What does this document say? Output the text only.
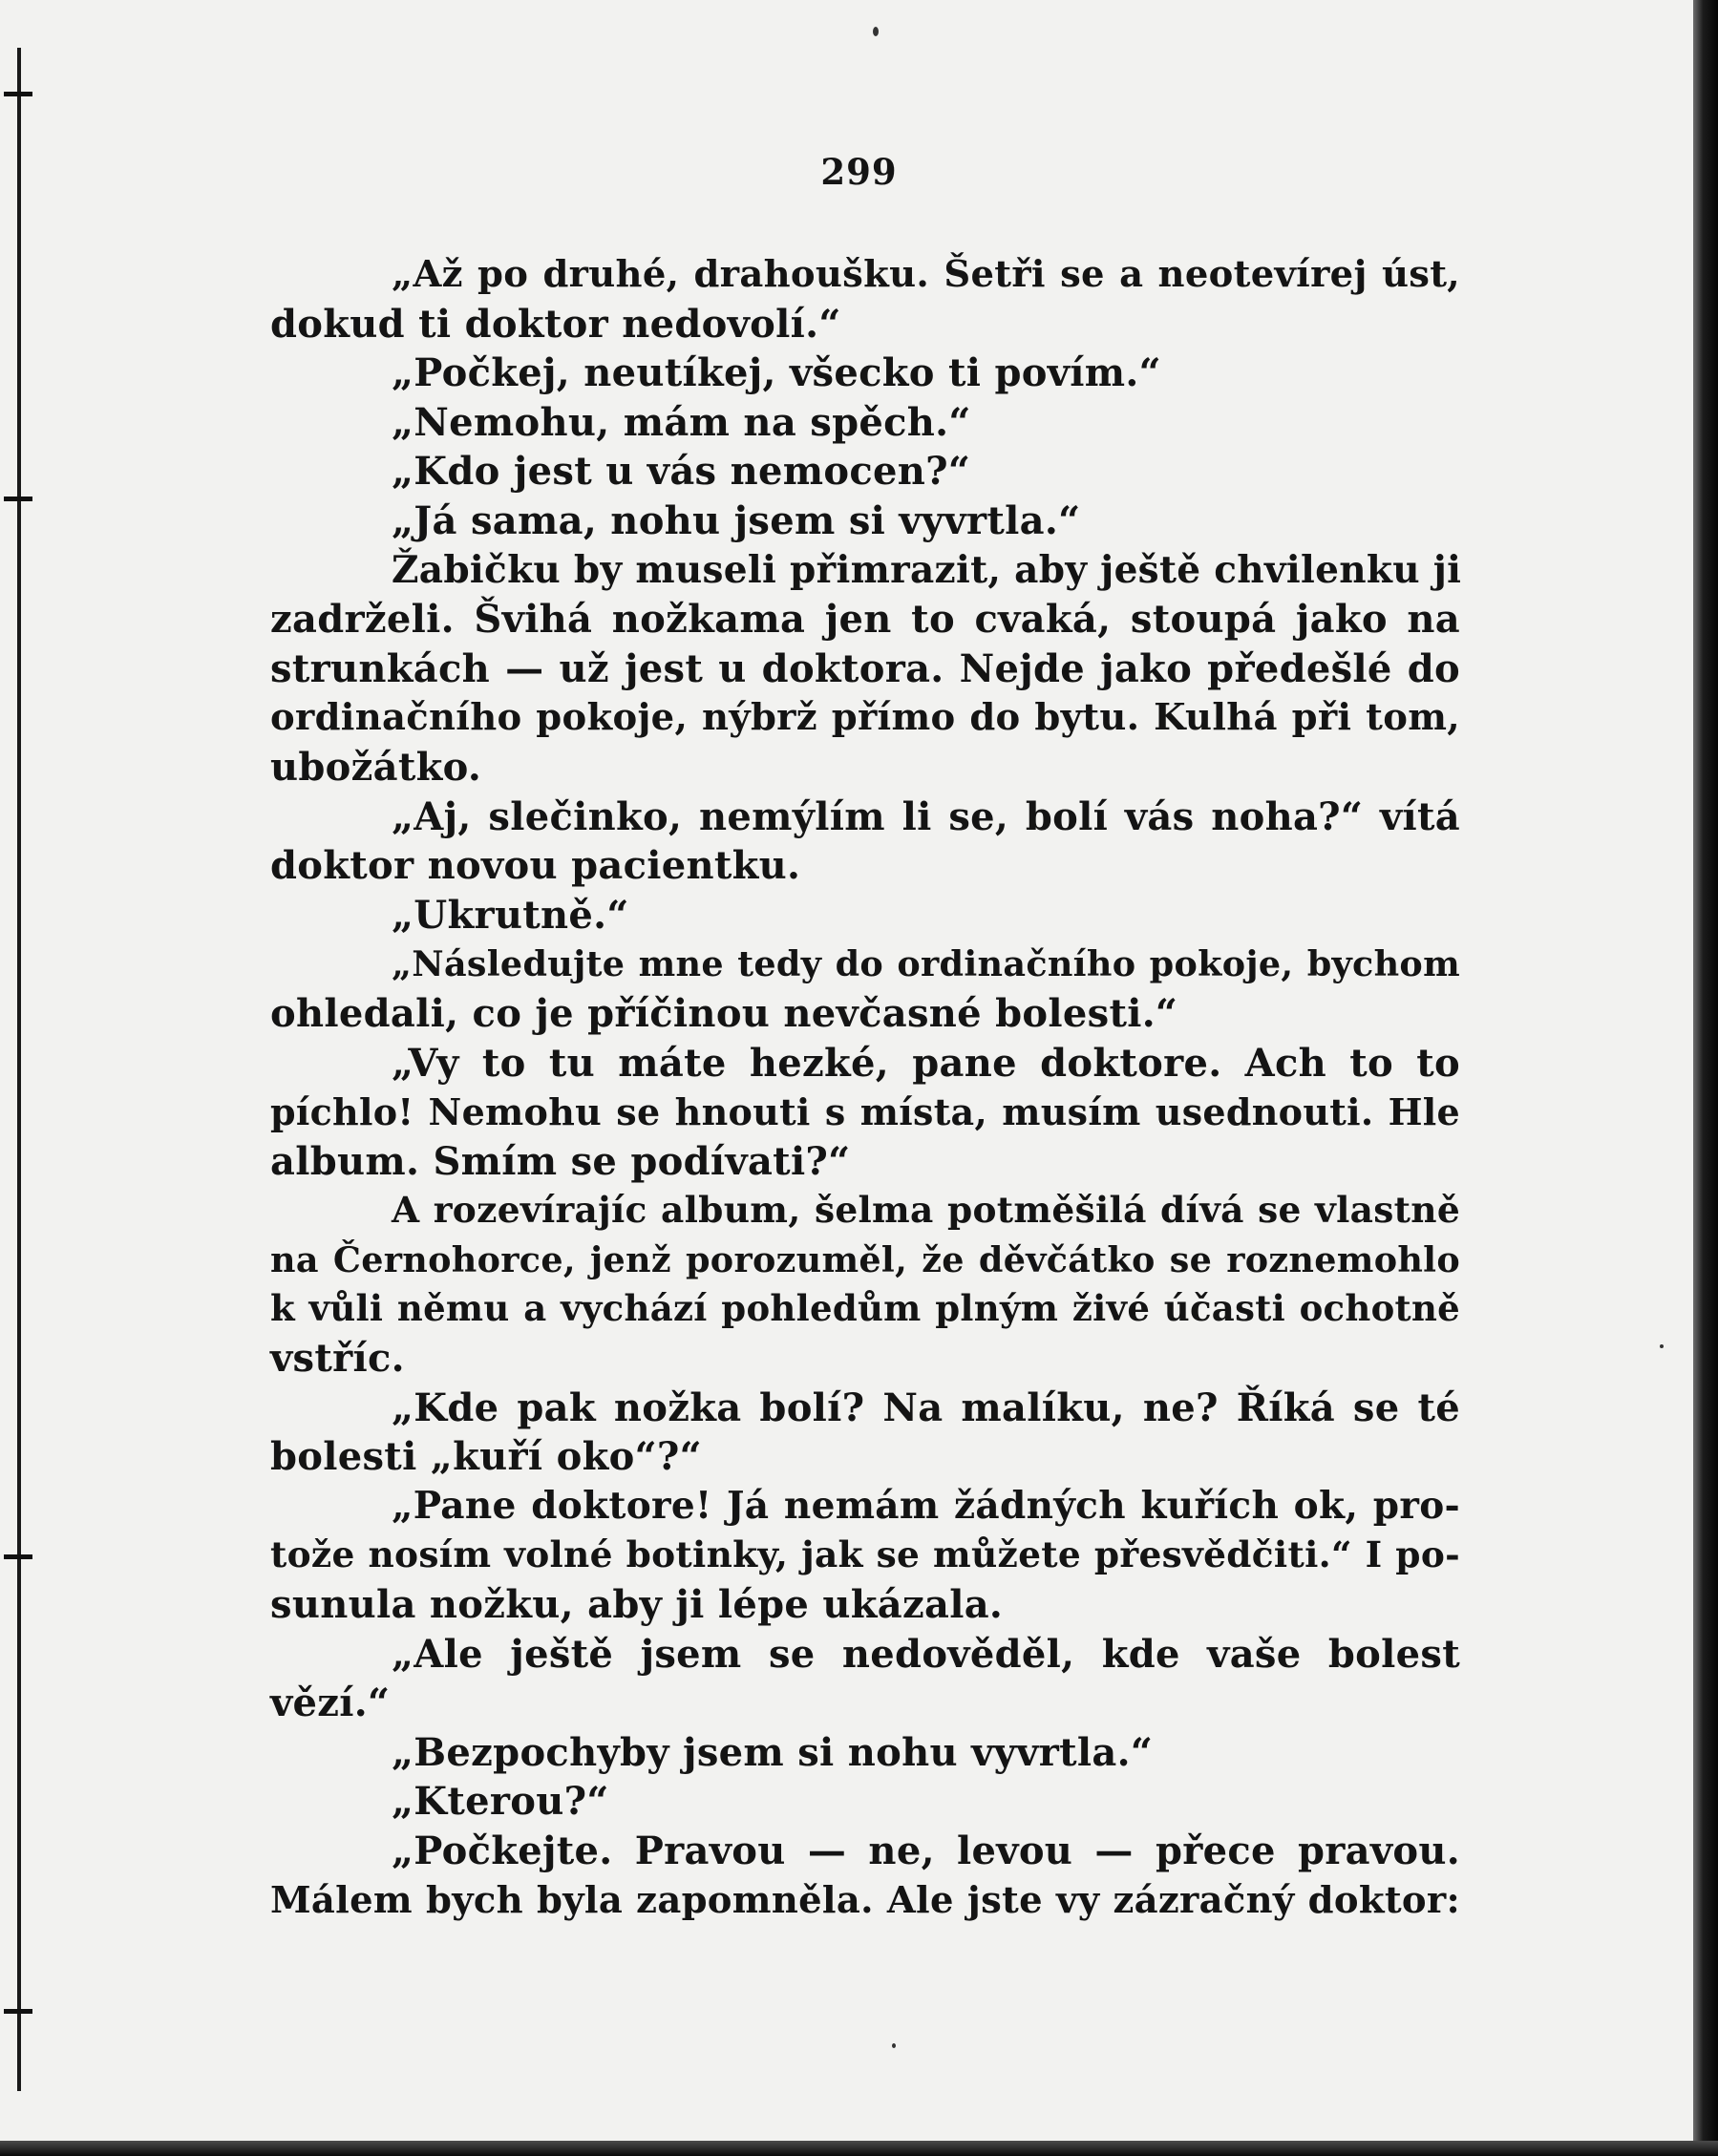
299
„Až po druhé, drahoušku. Šetři se a neotevírej úst,
dokud ti doktor nedovolí.“
„Počkej, neutíkej, všecko ti povím.“
„Nemohu, mám na spěch.“
„Kdo jest u vás nemocen?“
„Já sama, nohu jsem si vyvrtla.“
Žabičku by museli přimrazit, aby ještě chvilenku ji
zadrželi. Švihá nožkama jen to cvaká, stoupá jako na
strunkách — už jest u doktora. Nejde jako předešlé do
ordinačního pokoje, nýbrž přímo do bytu. Kulhá při tom,
ubožátko.
„Aj, slečinko, nemýlím li se, bolí vás noha?“ vítá
doktor novou pacientku.
„Ukrutně.“
„Následujte mne tedy do ordinačního pokoje, bychom
ohledali, co je příčinou nevčasné bolesti.“
„Vy to tu máte hezké, pane doktore. Ach to to
píchlo! Nemohu se hnouti s místa, musím usednouti. Hle
album. Smím se podívati?“
A rozevírajíc album, šelma potměšilá dívá se vlastně
na Černohorce, jenž porozuměl, že děvčátko se roznemohlo
k vůli němu a vychází pohledům plným živé účasti ochotně
vstříc.
„Kde pak nožka bolí? Na malíku, ne? Říká se té
bolesti „kuří oko“?“
„Pane doktore! Já nemám žádných kuřích ok, pro-
tože nosím volné botinky, jak se můžete přesvědčiti.“ I po-
sunula nožku, aby ji lépe ukázala.
„Ale ještě jsem se nedověděl, kde vaše bolest
vězí.“
„Bezpochyby jsem si nohu vyvrtla.“
„Kterou?“
„Počkejte. Pravou — ne, levou — přece pravou.
Málem bych byla zapomněla. Ale jste vy zázračný doktor:
